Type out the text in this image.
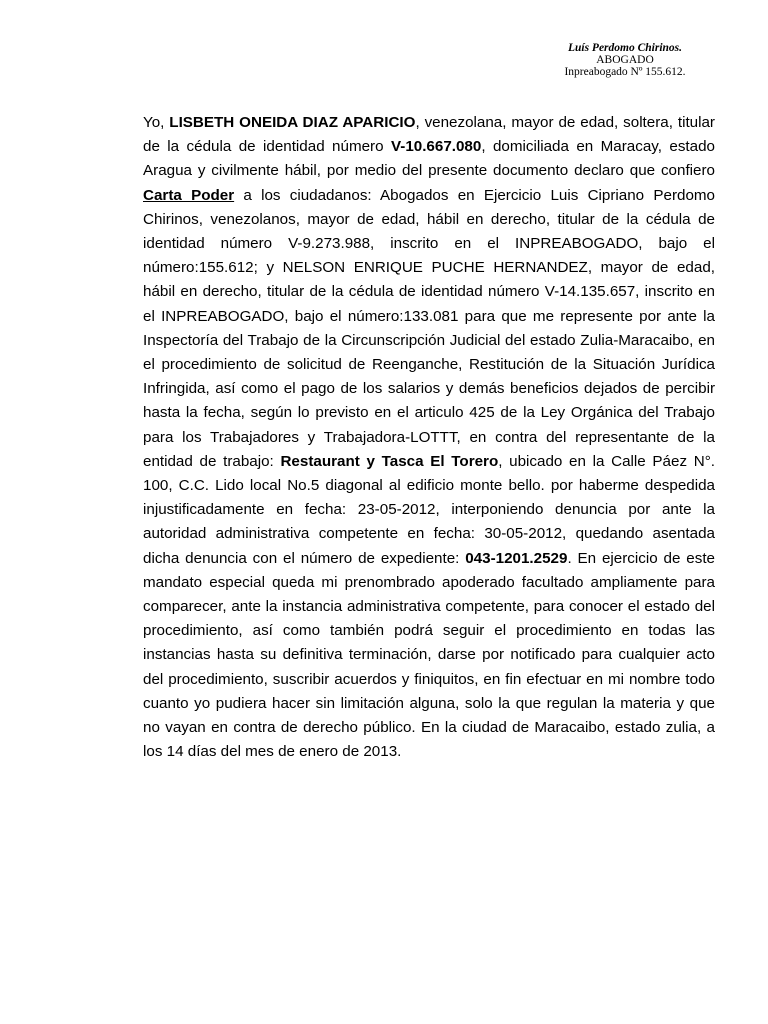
Luís Perdomo Chirinos.
ABOGADO
Inpreabogado Nº 155.612.

Yo, LISBETH ONEIDA DIAZ APARICIO, venezolana, mayor de edad, soltera, titular de la cédula de identidad número V-10.667.080, domiciliada en Maracay, estado Aragua y civilmente hábil, por medio del presente documento declaro que confiero Carta Poder a los ciudadanos: Abogados en Ejercicio Luis Cipriano Perdomo Chirinos, venezolanos, mayor de edad, hábil en derecho, titular de la cédula de identidad número V-9.273.988, inscrito en el INPREABOGADO, bajo el número:155.612; y NELSON ENRIQUE PUCHE HERNANDEZ, mayor de edad, hábil en derecho, titular de la cédula de identidad número V-14.135.657, inscrito en el INPREABOGADO, bajo el número:133.081 para que me represente por ante la Inspectoría del Trabajo de la Circunscripción Judicial del estado Zulia-Maracaibo, en el procedimiento de solicitud de Reenganche, Restitución de la Situación Jurídica Infringida, así como el pago de los salarios y demás beneficios dejados de percibir hasta la fecha, según lo previsto en el articulo 425 de la Ley Orgánica del Trabajo para los Trabajadores y Trabajadora-LOTTT, en contra del representante de la entidad de trabajo: Restaurant y Tasca El Torero, ubicado en la Calle Páez N°. 100, C.C. Lido local No.5 diagonal al edificio monte bello. por haberme despedida injustificadamente en fecha: 23-05-2012, interponiendo denuncia por ante la autoridad administrativa competente en fecha: 30-05-2012, quedando asentada dicha denuncia con el número de expediente: 043-1201.2529. En ejercicio de este mandato especial queda mi prenombrado apoderado facultado ampliamente para comparecer, ante la instancia administrativa competente, para conocer el estado del procedimiento, así como también podrá seguir el procedimiento en todas las instancias hasta su definitiva terminación, darse por notificado para cualquier acto del procedimiento, suscribir acuerdos y finiquitos, en fin efectuar en mi nombre todo cuanto yo pudiera hacer sin limitación alguna, solo la que regulan la materia y que no vayan en contra de derecho público. En la ciudad de Maracaibo, estado zulia, a los 14 días del mes de enero de 2013.
